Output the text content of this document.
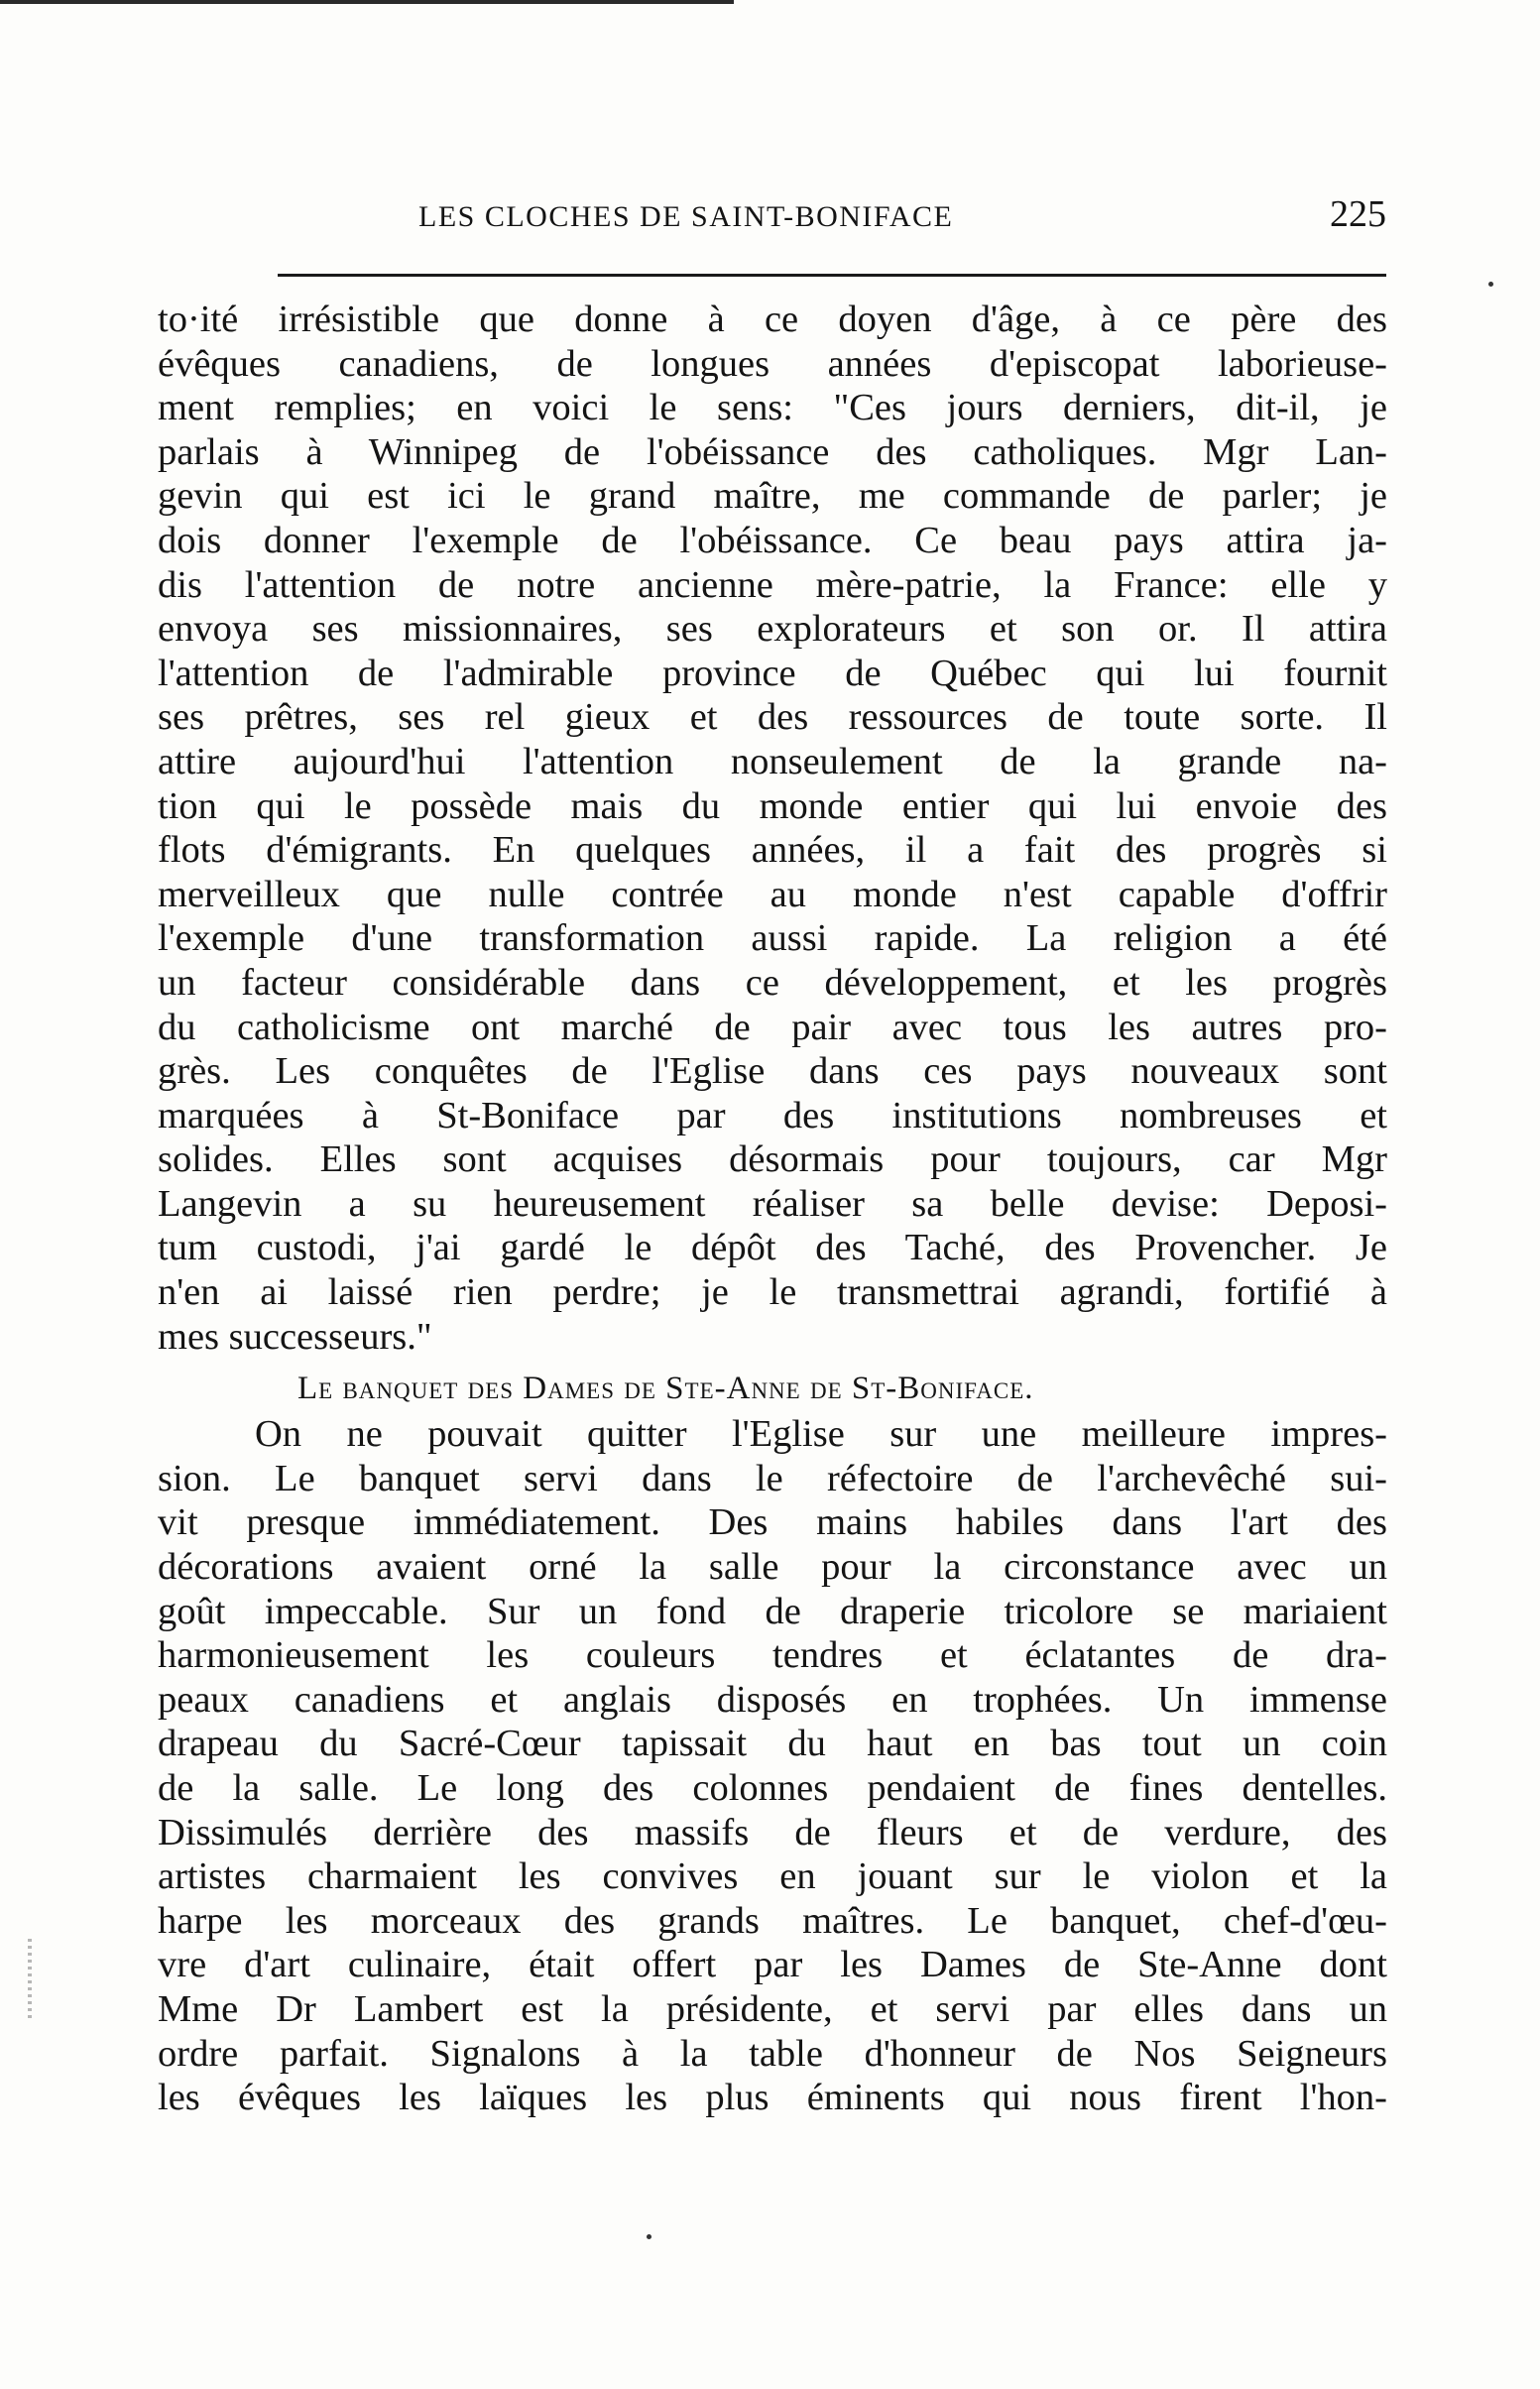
LES CLOCHES DE SAINT-BONIFACE	225
to·ité irrésistible que donne à ce doyen d'âge, à ce père des
évêques canadiens, de longues années d'episcopat laborieuse-
ment remplies; en voici le sens: "Ces jours derniers, dit-il, je
parlais à Winnipeg de l'obéissance des catholiques. Mgr Lan-
gevin qui est ici le grand maître, me commande de parler; je
dois donner l'exemple de l'obéissance. Ce beau pays attira ja-
dis l'attention de notre ancienne mère-patrie, la France: elle y
envoya ses missionnaires, ses explorateurs et son or. Il attira
l'attention de l'admirable province de Québec qui lui fournit
ses prêtres, ses rel gieux et des ressources de toute sorte. Il
attire aujourd'hui l'attention nonseulement de la grande na-
tion qui le possède mais du monde entier qui lui envoie des
flots d'émigrants. En quelques années, il a fait des progrès si
merveilleux que nulle contrée au monde n'est capable d'offrir
l'exemple d'une transformation aussi rapide. La religion a été
un facteur considérable dans ce développement, et les progrès
du catholicisme ont marché de pair avec tous les autres pro-
grès. Les conquêtes de l'Eglise dans ces pays nouveaux sont
marquées à St-Boniface par des institutions nombreuses et
solides. Elles sont acquises désormais pour toujours, car Mgr
Langevin a su heureusement réaliser sa belle devise: Deposi-
tum custodi, j'ai gardé le dépôt des Taché, des Provencher. Je
n'en ai laissé rien perdre; je le transmettrai agrandi, fortifié à
mes successeurs."
Le banquet des Dames de Ste-Anne de St-Boniface.
On ne pouvait quitter l'Eglise sur une meilleure impres-
sion. Le banquet servi dans le réfectoire de l'archevêché sui-
vit presque immédiatement. Des mains habiles dans l'art des
décorations avaient orné la salle pour la circonstance avec un
goût impeccable. Sur un fond de draperie tricolore se mariaient
harmonieusement les couleurs tendres et éclatantes de dra-
peaux canadiens et anglais disposés en trophées. Un immense
drapeau du Sacré-Cœur tapissait du haut en bas tout un coin
de la salle. Le long des colonnes pendaient de fines dentelles.
Dissimulés derrière des massifs de fleurs et de verdure, des
artistes charmaient les convives en jouant sur le violon et la
harpe les morceaux des grands maîtres. Le banquet, chef-d'œu-
vre d'art culinaire, était offert par les Dames de Ste-Anne dont
Mme Dr Lambert est la présidente, et servi par elles dans un
ordre parfait. Signalons à la table d'honneur de Nos Seigneurs
les évêques les laïques les plus éminents qui nous firent l'hon-
